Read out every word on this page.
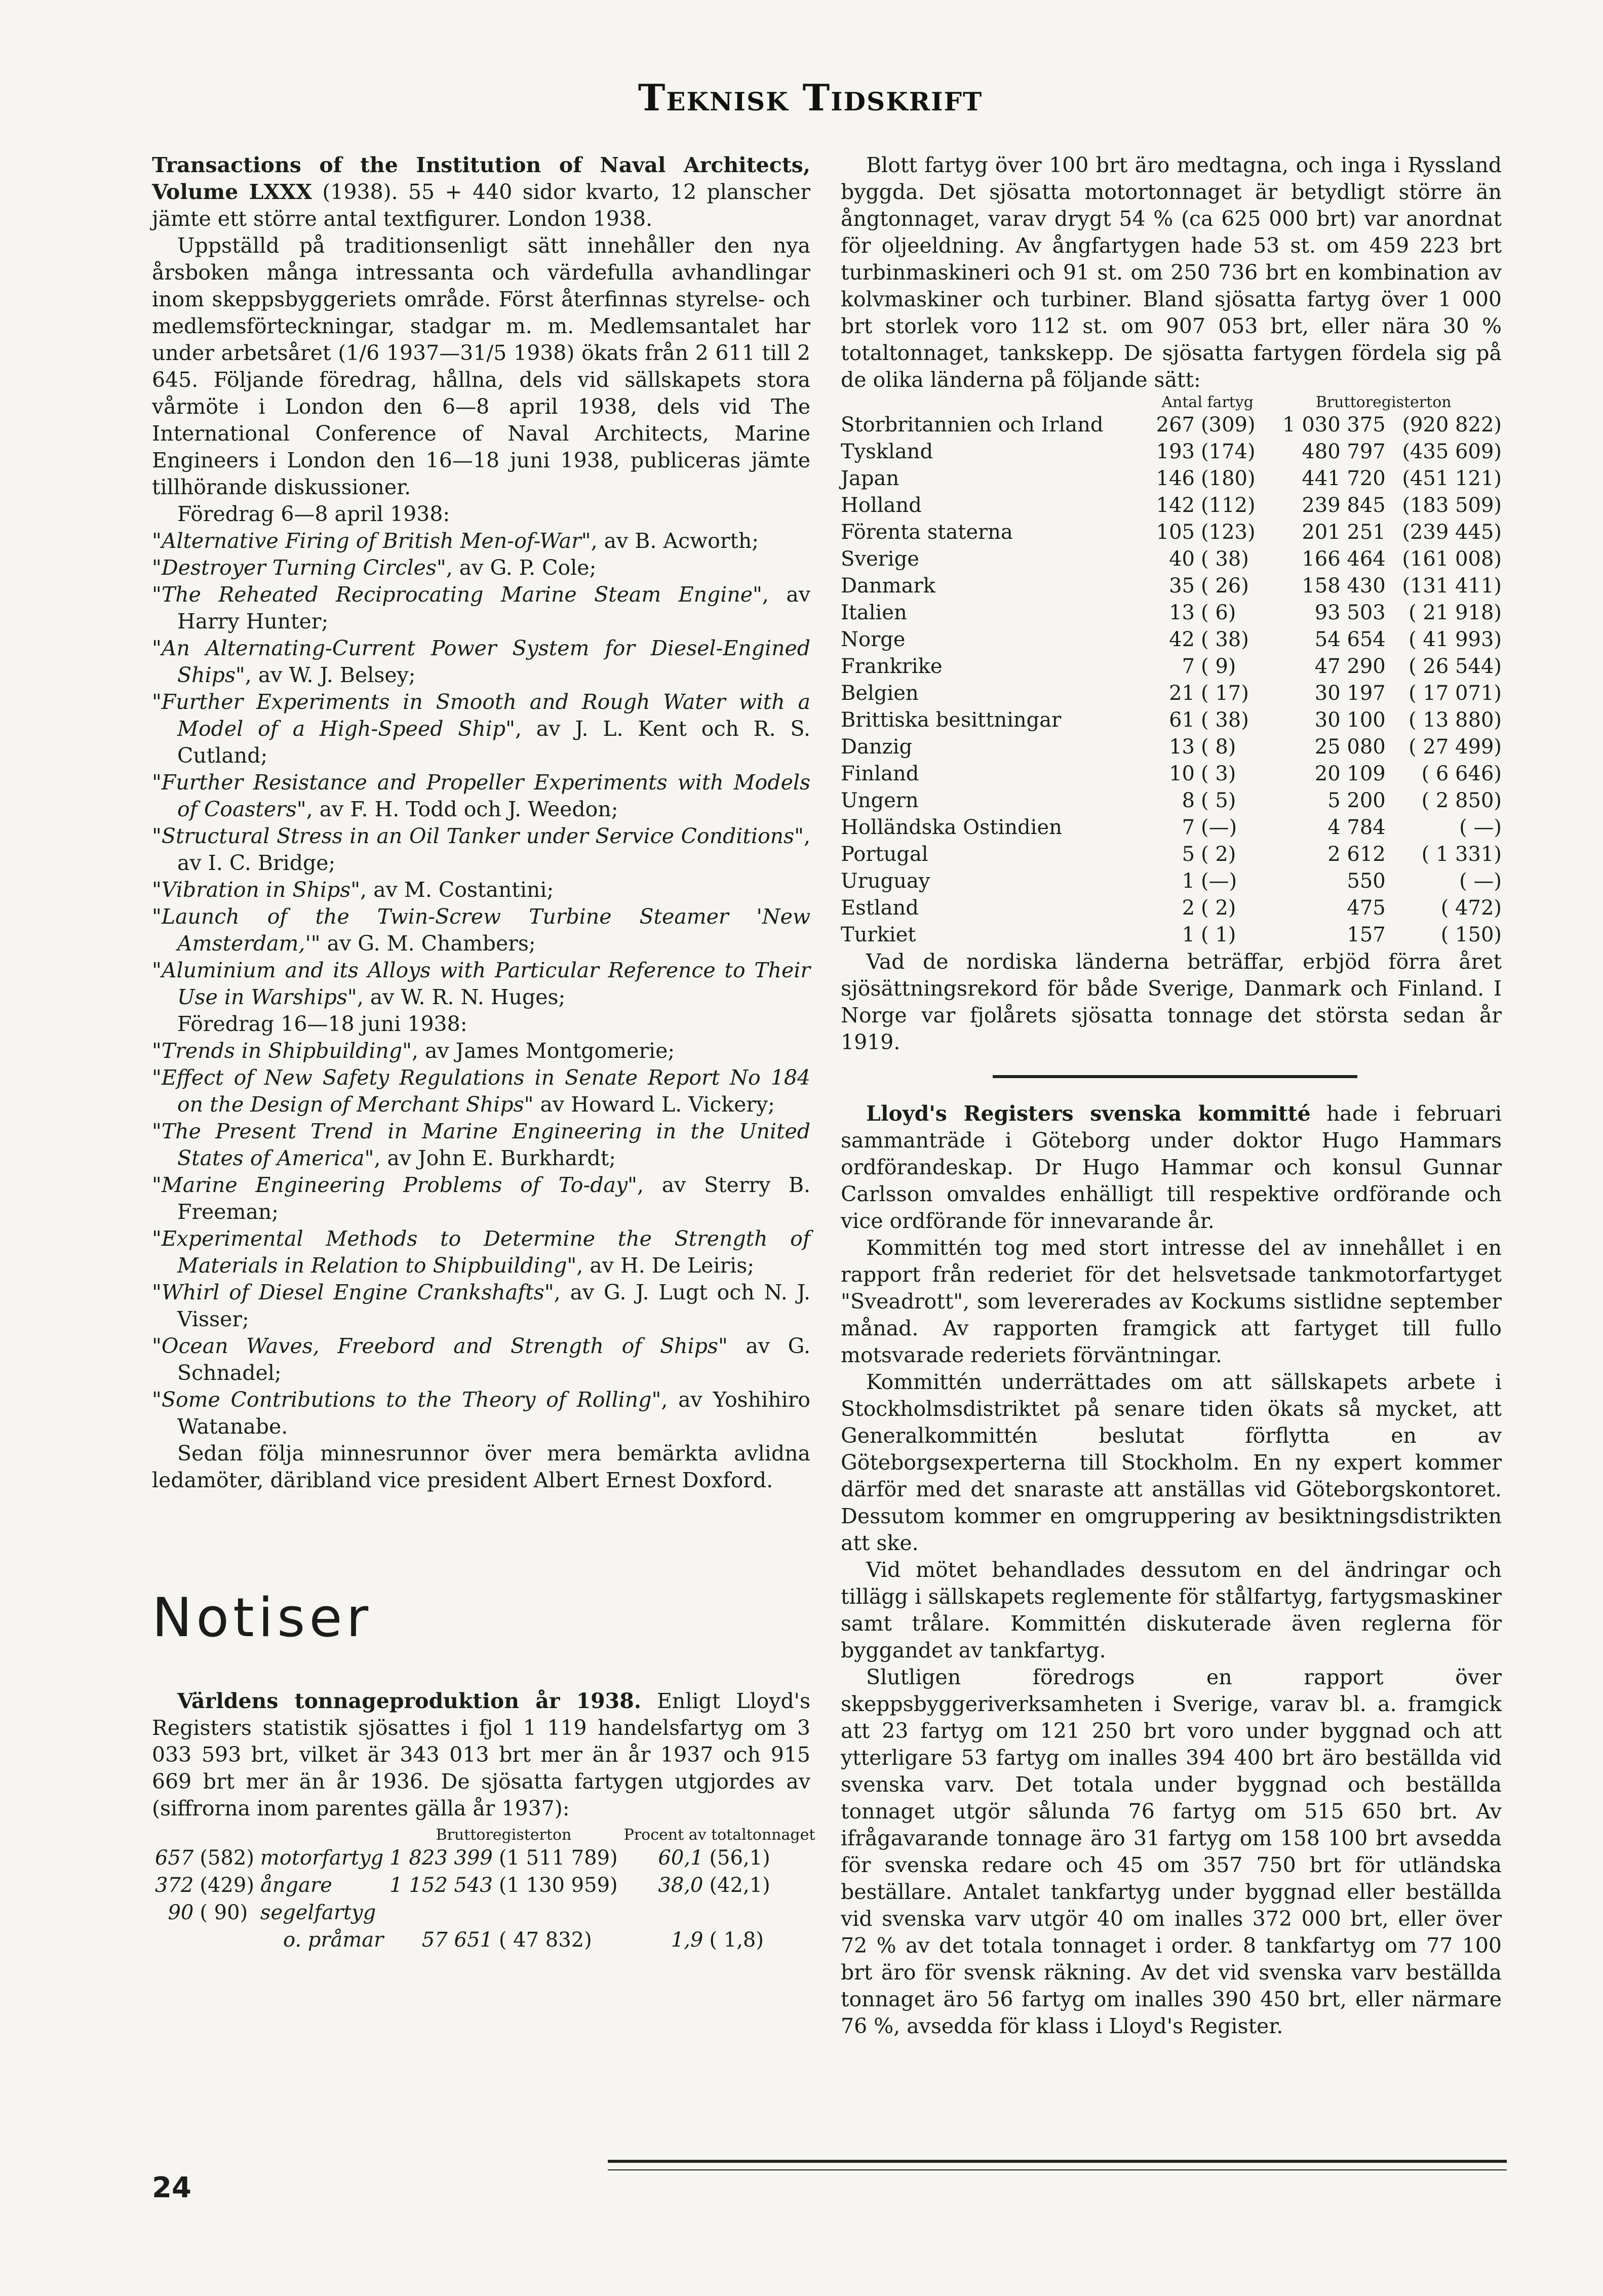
Teknisk Tidskrift

Transactions of the Institution of Naval Architects, Volume LXXX (1938). 55 + 440 sidor kvarto, 12 planscher jämte ett större antal textfigurer. London 1938.

Uppställd på traditionsenligt sätt innehåller den nya årsboken många intressanta och värdefulla avhandlingar inom skeppsbyggeriets område. Först återfinnas styrelse- och medlemsförteckningar, stadgar m. m. Medlemsantalet har under arbetsåret (1/6 1937—31/5 1938) ökats från 2 611 till 2 645. Följande föredrag, hållna, dels vid sällskapets stora vårmöte i London den 6—8 april 1938, dels vid The International Conference of Naval Architects, Marine Engineers i London den 16—18 juni 1938, publiceras jämte tillhörande diskussioner.

Föredrag 6—8 april 1938:

"Alternative Firing of British Men-of-War", av B. Acworth;
"Destroyer Turning Circles", av G. P. Cole;
"The Reheated Reciprocating Marine Steam Engine", av Harry Hunter;
"An Alternating-Current Power System for Diesel-Engined Ships", av W. J. Belsey;
"Further Experiments in Smooth and Rough Water with a Model of a High-Speed Ship", av J. L. Kent och R. S. Cutland;
"Further Resistance and Propeller Experiments with Models of Coasters", av F. H. Todd och J. Weedon;
"Structural Stress in an Oil Tanker under Service Conditions", av I. C. Bridge;
"Vibration in Ships", av M. Costantini;
"Launch of the Twin-Screw Turbine Steamer 'New Amsterdam,'" av G. M. Chambers;
"Aluminium and its Alloys with Particular Reference to Their Use in Warships", av W. R. N. Huges;

Föredrag 16—18 juni 1938:

"Trends in Shipbuilding", av James Montgomerie;
"Effect of New Safety Regulations in Senate Report No 184 on the Design of Merchant Ships" av Howard L. Vickery;
"The Present Trend in Marine Engineering in the United States of America", av John E. Burkhardt;
"Marine Engineering Problems of To-day", av Sterry B. Freeman;
"Experimental Methods to Determine the Strength of Materials in Relation to Shipbuilding", av H. De Leiris;
"Whirl of Diesel Engine Crankshafts", av G. J. Lugt och N. J. Visser;
"Ocean Waves, Freebord and Strength of Ships" av G. Schnadel;
"Some Contributions to the Theory of Rolling", av Yoshihiro Watanabe.

Sedan följa minnesrunnor över mera bemärkta avlidna ledamöter, däribland vice president Albert Ernest Doxford.

Notiser

Världens tonnageproduktion år 1938. Enligt Lloyd's Registers statistik sjösattes i fjol 1 119 handelsfartyg om 3 033 593 brt, vilket är 343 013 brt mer än år 1937 och 915 669 brt mer än år 1936. De sjösatta fartygen utgjordes av (siffrorna inom parentes gälla år 1937):

			Bruttoregisterton		Procent av totaltonnaget	
657	(582)	motorfartyg	1 823 399	(1 511 789)	60,1	(56,1)
372	(429)	ångare	1 152 543	(1 130 959)	38,0	(42,1)
90	( 90)	segelfartyg				
		o. pråmar	57 651	( 47 832)	1,9	( 1,8)

Blott fartyg över 100 brt äro medtagna, och inga i Ryssland byggda. Det sjösatta motortonnaget är betydligt större än ångtonnaget, varav drygt 54 % (ca 625 000 brt) var anordnat för oljeeldning. Av ångfartygen hade 53 st. om 459 223 brt turbinmaskineri och 91 st. om 250 736 brt en kombination av kolvmaskiner och turbiner. Bland sjösatta fartyg över 1 000 brt storlek voro 112 st. om 907 053 brt, eller nära 30 % totaltonnaget, tankskepp. De sjösatta fartygen fördela sig på de olika länderna på följande sätt:

	Antal fartyg		Bruttoregisterton	
Storbritannien och Irland	267	(309)	1 030 375	(920 822)
Tyskland	193	(174)	480 797	(435 609)
Japan	146	(180)	441 720	(451 121)
Holland	142	(112)	239 845	(183 509)
Förenta staterna	105	(123)	201 251	(239 445)
Sverige	40	( 38)	166 464	(161 008)
Danmark	35	( 26)	158 430	(131 411)
Italien	13	( 6)	93 503	( 21 918)
Norge	42	( 38)	54 654	( 41 993)
Frankrike	7	( 9)	47 290	( 26 544)
Belgien	21	( 17)	30 197	( 17 071)
Brittiska besittningar	61	( 38)	30 100	( 13 880)
Danzig	13	( 8)	25 080	( 27 499)
Finland	10	( 3)	20 109	( 6 646)
Ungern	8	( 5)	5 200	( 2 850)
Holländska Ostindien	7	(—)	4 784	( —)
Portugal	5	( 2)	2 612	( 1 331)
Uruguay	1	(—)	550	( —)
Estland	2	( 2)	475	( 472)
Turkiet	1	( 1)	157	( 150)

Vad de nordiska länderna beträffar, erbjöd förra året sjösättningsrekord för både Sverige, Danmark och Finland. I Norge var fjolårets sjösatta tonnage det största sedan år 1919.

Lloyd's Registers svenska kommitté hade i februari sammanträde i Göteborg under doktor Hugo Hammars ordförandeskap. Dr Hugo Hammar och konsul Gunnar Carlsson omvaldes enhälligt till respektive ordförande och vice ordförande för innevarande år.

Kommittén tog med stort intresse del av innehållet i en rapport från rederiet för det helsvetsade tankmotorfartyget "Sveadrott", som levererades av Kockums sistlidne september månad. Av rapporten framgick att fartyget till fullo motsvarade rederiets förväntningar.

Kommittén underrättades om att sällskapets arbete i Stockholmsdistriktet på senare tiden ökats så mycket, att Generalkommittén beslutat förflytta en av Göteborgsexperterna till Stockholm. En ny expert kommer därför med det snaraste att anställas vid Göteborgskontoret. Dessutom kommer en omgruppering av besiktningsdistrikten att ske.

Vid mötet behandlades dessutom en del ändringar och tillägg i sällskapets reglemente för stålfartyg, fartygsmaskiner samt trålare. Kommittén diskuterade även reglerna för byggandet av tankfartyg.

Slutligen föredrogs en rapport över skeppsbyggeriverksamheten i Sverige, varav bl. a. framgick att 23 fartyg om 121 250 brt voro under byggnad och att ytterligare 53 fartyg om inalles 394 400 brt äro beställda vid svenska varv. Det totala under byggnad och beställda tonnaget utgör sålunda 76 fartyg om 515 650 brt. Av ifrågavarande tonnage äro 31 fartyg om 158 100 brt avsedda för svenska redare och 45 om 357 750 brt för utländska beställare. Antalet tankfartyg under byggnad eller beställda vid svenska varv utgör 40 om inalles 372 000 brt, eller över 72 % av det totala tonnaget i order. 8 tankfartyg om 77 100 brt äro för svensk räkning. Av det vid svenska varv beställda tonnaget äro 56 fartyg om inalles 390 450 brt, eller närmare 76 %, avsedda för klass i Lloyd's Register.

24
